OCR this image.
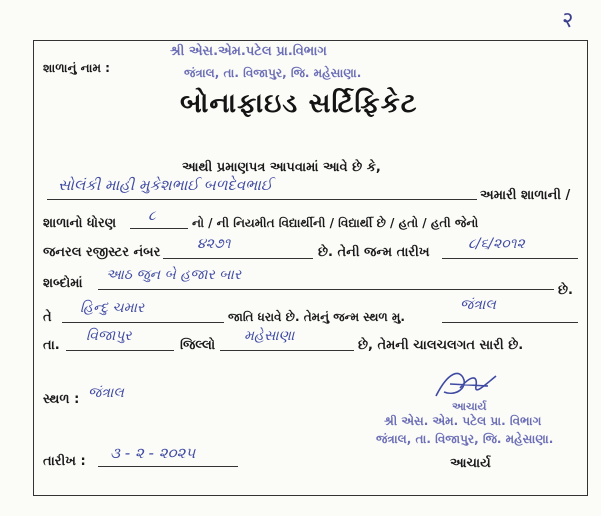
२
શાળાનું નામ :
શ્રી એસ.એમ.પટેલ પ્રા.વિભાગ
જંત્રાલ, તા. વિજાપુર, જિ. મહેસાણા.
બોનાફાઇડ સર્ટિફિકેટ
આથી પ્રમાણપત્ર આપવામાં આવે છે કે,
સોલંકી માહી મુકેશભાઈ બળદેવભાઈ
અમારી શાળાની /
શાળાનો ધોરણ ૮	નો / ની નિયમીત વિદ્યાર્થીની / વિદ્યાર્થી છે / હતો / હતી જેનો
જનરલ રજીસ્ટર નંબર
૪૨૭૧
છે. તેની જન્મ તારીખ
૮/૬/૨૦૧૨
શબ્દોમાં
આઠ જુન બે હજાર બાર
છે.
તે
હિન્દુ ચમાર
જાતિ ધરાવે છે. તેમનું જન્મ સ્થળ મુ.
જંત્રાલ
તા.
વિજાપુર
જિલ્લો
મહેસાણા
છે, તેમની ચાલચલગત સારી છે.
સ્થળ : જંત્રાલ
આચાર્ય
શ્રી એસ. એમ. પટેલ પ્રા. વિભાગ
જંત્રાલ, તા. વિજાપુર, જિ. મહેસાણા.
તારીખ : ૩ - ૨ - ૨૦૨૫
આચાર્ય
